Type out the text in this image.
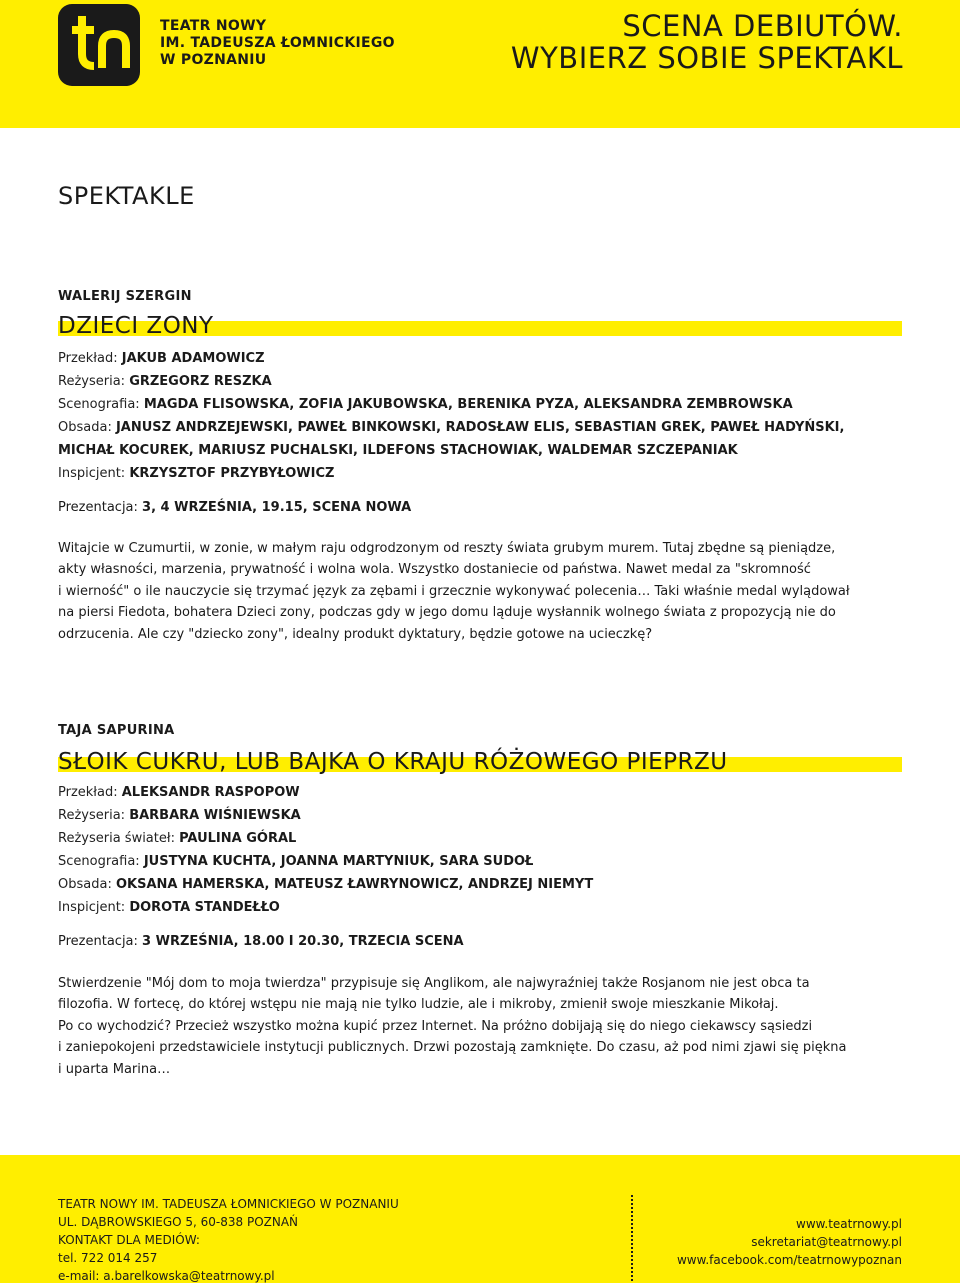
TEATR NOWY
IM. TADEUSZA ŁOMNICKIEGO
W POZNANIU
SCENA DEBIUTÓW.
WYBIERZ SOBIE SPEKTAKL
SPEKTAKLE
WALERIJ SZERGIN
DZIECI ZONY
Przekład: JAKUB ADAMOWICZ
Reżyseria: GRZEGORZ RESZKA
Scenografia: MAGDA FLISOWSKA, ZOFIA JAKUBOWSKA, BERENIKA PYZA, ALEKSANDRA ZEMBROWSKA
Obsada: JANUSZ ANDRZEJEWSKI, PAWEŁ BINKOWSKI, RADOSŁAW ELIS, SEBASTIAN GREK, PAWEŁ HADYŃSKI,
MICHAŁ KOCUREK, MARIUSZ PUCHALSKI, ILDEFONS STACHOWIAK, WALDEMAR SZCZEPANIAK
Inspicjent: KRZYSZTOF PRZYBYŁOWICZ
Prezentacja: 3, 4 WRZEŚNIA, 19.15, SCENA NOWA
Witajcie w Czumurtii, w zonie, w małym raju odgrodzonym od reszty świata grubym murem. Tutaj zbędne są pieniądze,
akty własności, marzenia, prywatność i wolna wola. Wszystko dostaniecie od państwa. Nawet medal za "skromność
i wierność" o ile nauczycie się trzymać język za zębami i grzecznie wykonywać polecenia… Taki właśnie medal wylądował
na piersi Fiedota, bohatera Dzieci zony, podczas gdy w jego domu ląduje wysłannik wolnego świata z propozycją nie do
odrzucenia. Ale czy "dziecko zony", idealny produkt dyktatury, będzie gotowe na ucieczkę?
TAJA SAPURINA
SŁOIK CUKRU, LUB BAJKA O KRAJU RÓŻOWEGO PIEPRZU
Przekład: ALEKSANDR RASPOPOW
Reżyseria: BARBARA WIŚNIEWSKA
Reżyseria świateł: PAULINA GÓRAL
Scenografia: JUSTYNA KUCHTA, JOANNA MARTYNIUK, SARA SUDOŁ
Obsada: OKSANA HAMERSKA, MATEUSZ ŁAWRYNOWICZ, ANDRZEJ NIEMYT
Inspicjent: DOROTA STANDEŁŁO
Prezentacja: 3 WRZEŚNIA, 18.00 I 20.30, TRZECIA SCENA
Stwierdzenie "Mój dom to moja twierdza" przypisuje się Anglikom, ale najwyraźniej także Rosjanom nie jest obca ta
filozofia. W fortecę, do której wstępu nie mają nie tylko ludzie, ale i mikroby, zmienił swoje mieszkanie Mikołaj.
Po co wychodzić? Przecież wszystko można kupić przez Internet. Na próżno dobijają się do niego ciekawscy sąsiedzi
i zaniepokojeni przedstawiciele instytucji publicznych. Drzwi pozostają zamknięte. Do czasu, aż pod nimi zjawi się piękna
i uparta Marina…
TEATR NOWY IM. TADEUSZA ŁOMNICKIEGO W POZNANIU
UL. DĄBROWSKIEGO 5, 60-838 POZNAŃ
KONTAKT DLA MEDIÓW:
tel. 722 014 257
e-mail: a.barelkowska@teatrnowy.pl
www.teatrnowy.pl
sekretariat@teatrnowy.pl
www.facebook.com/teatrnowypoznan
